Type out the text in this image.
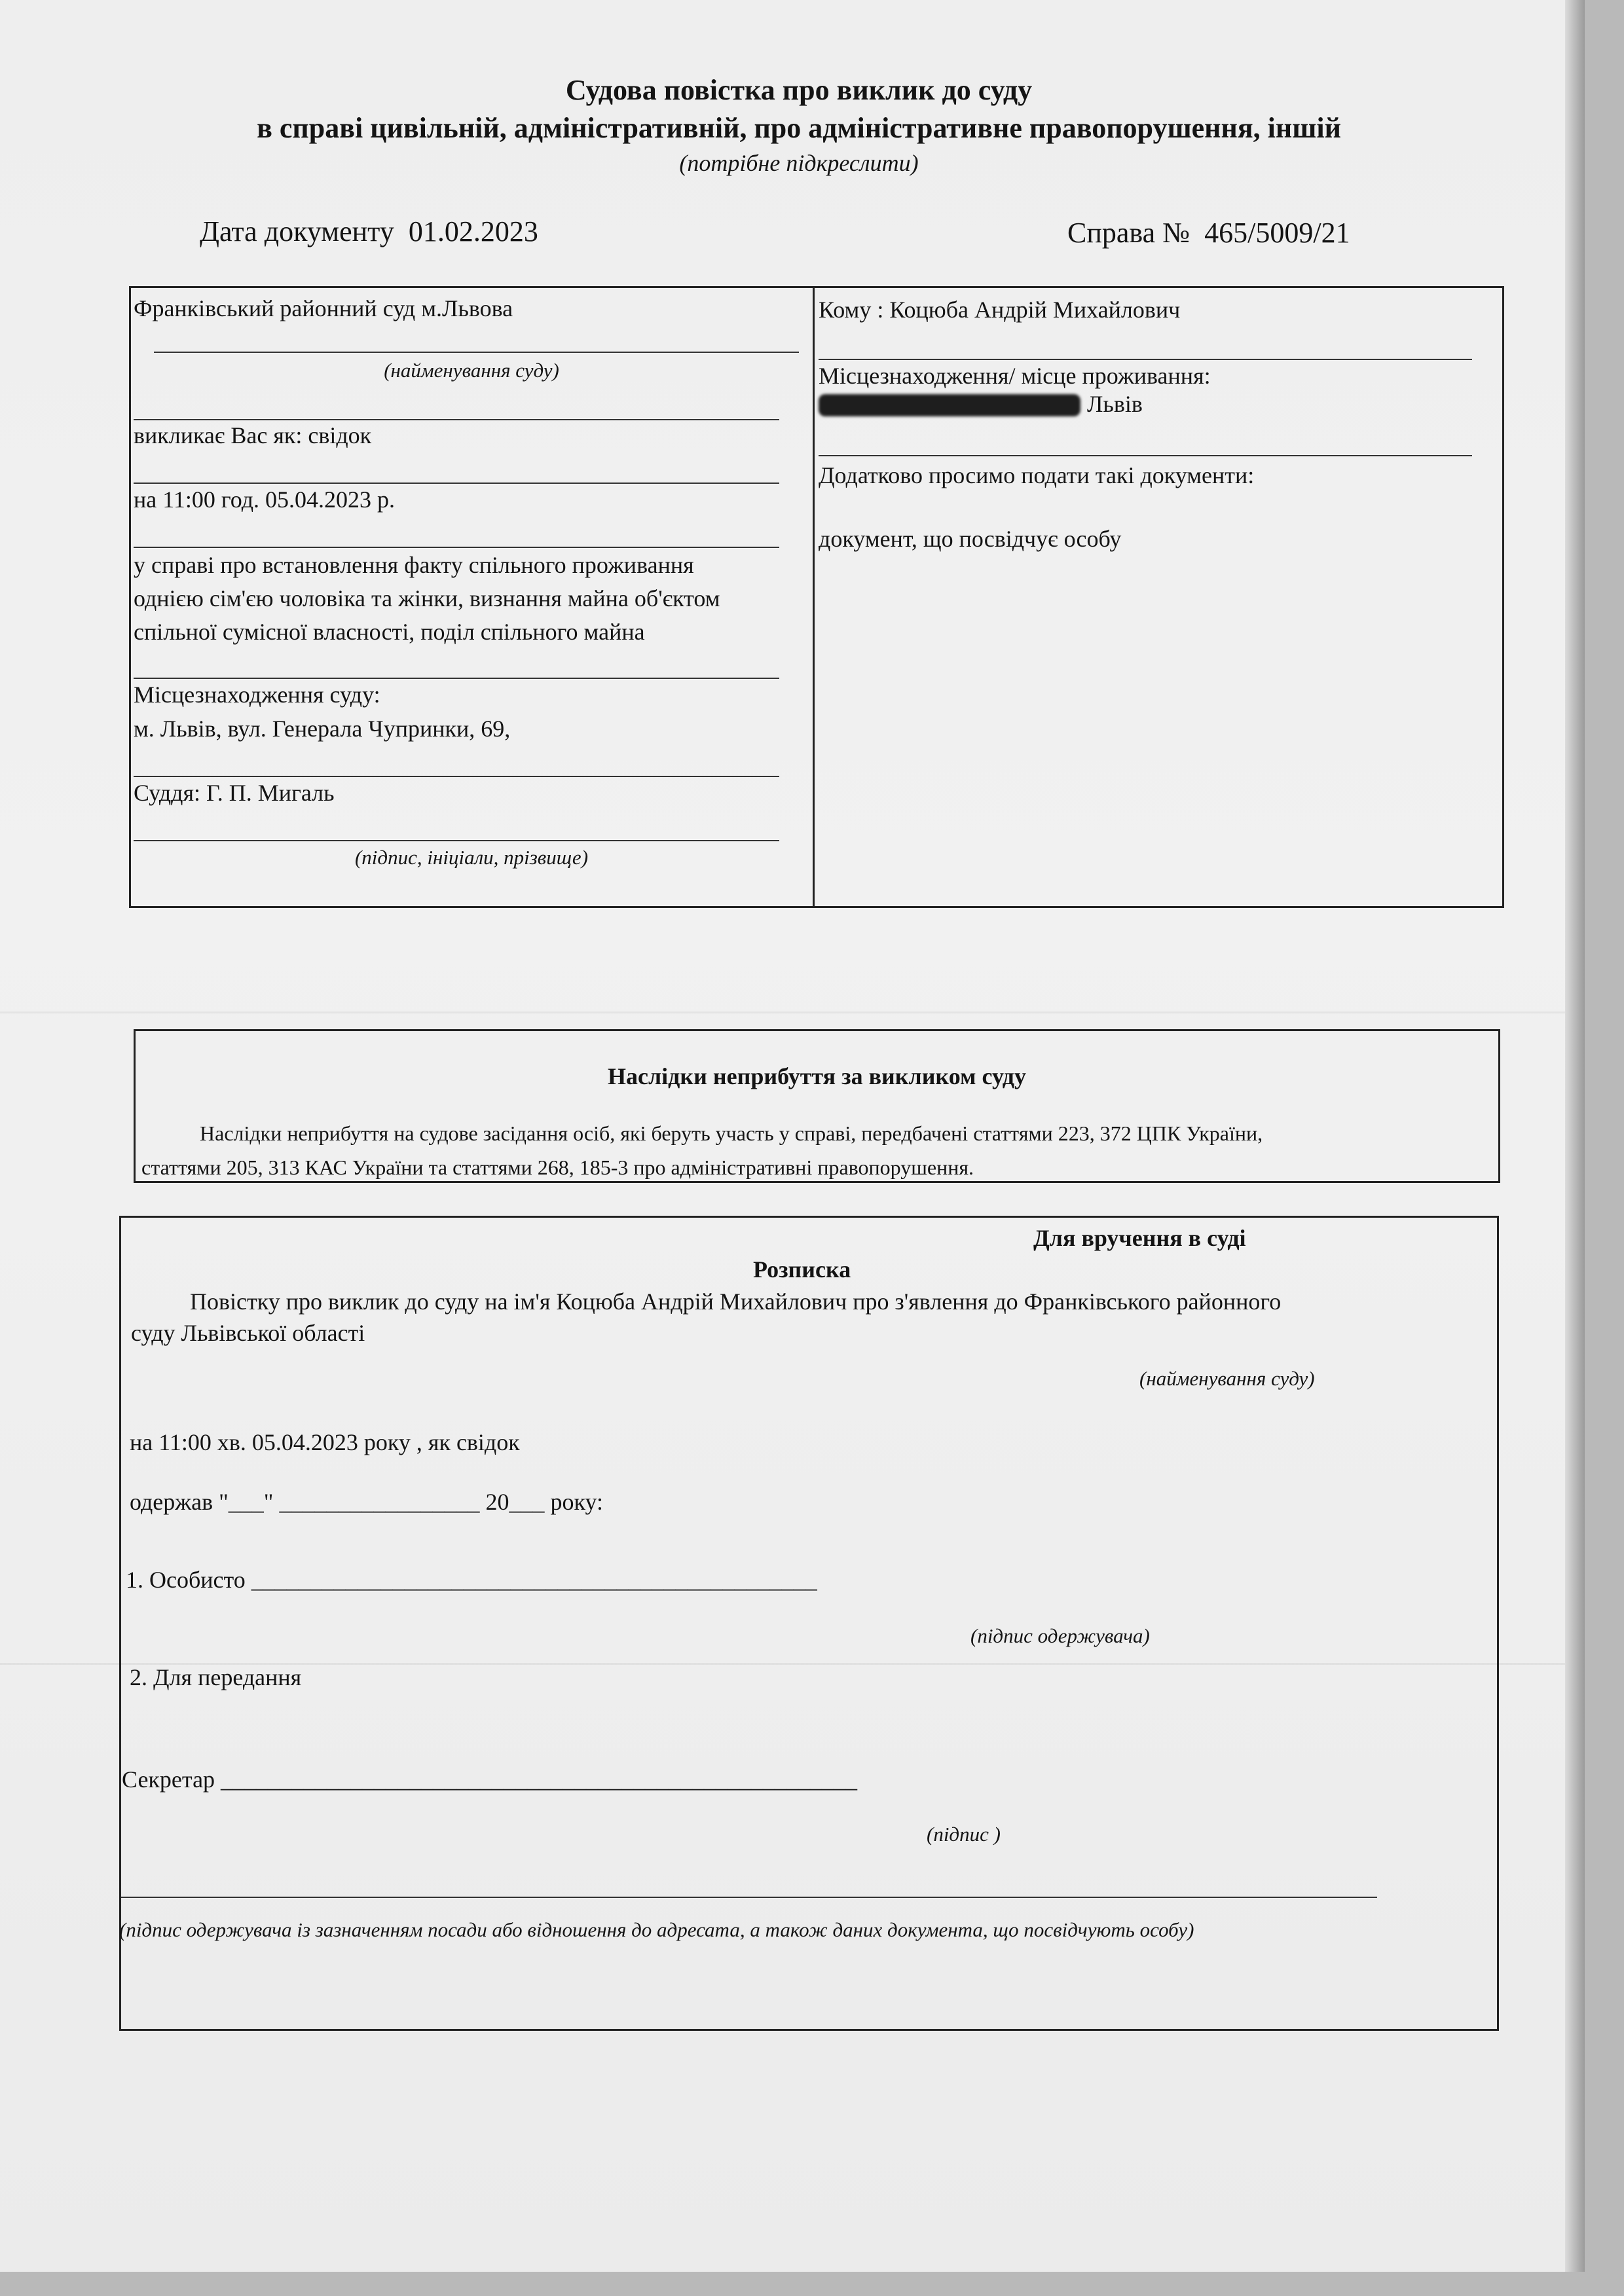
Судова повістка про виклик до суду
в справі цивільній, адміністративній, про адміністративне правопорушення, іншій
(потрібне підкреслити)
Дата документу 01.02.2023	Справа № 465/5009/21
Франківський районний суд м.Львова
(найменування суду)
викликає Вас як: свідок
на 11:00 год. 05.04.2023 р.
у справі про встановлення факту спільного проживання
однією сім'єю чоловіка та жінки, визнання майна об'єктом
спільної сумісної власності, поділ спільного майна
Місцезнаходження суду:
м. Львів, вул. Генерала Чупринки, 69,
Суддя: Г. П. Мигаль
(підпис, ініціали, прізвище)
Кому : Коцюба Андрій Михайлович
Місцезнаходження/ місце проживання:
Львів
Додатково просимо подати такі документи:
документ, що посвідчує особу
Наслідки неприбуття за викликом суду
Наслідки неприбуття на судове засідання осіб, які беруть участь у справі, передбачені статтями 223, 372 ЦПК України,
статтями 205, 313 КАС України та статтями 268, 185-3 про адміністративні правопорушення.
Для вручення в суді
Розписка
Повістку про виклик до суду на ім'я Коцюба Андрій Михайлович про з'явлення до Франківського районного
суду Львівської області
(найменування суду)
на 11:00 хв. 05.04.2023 року , як свідок
одержав "___" _________________ 20___ року:
1. Особисто ________________________________________________
(підпис одержувача)
2. Для передання
Секретар ______________________________________________________
(підпис )
(підпис одержувача із зазначенням посади або відношення до адресата, а також даних документа, що посвідчують особу)
